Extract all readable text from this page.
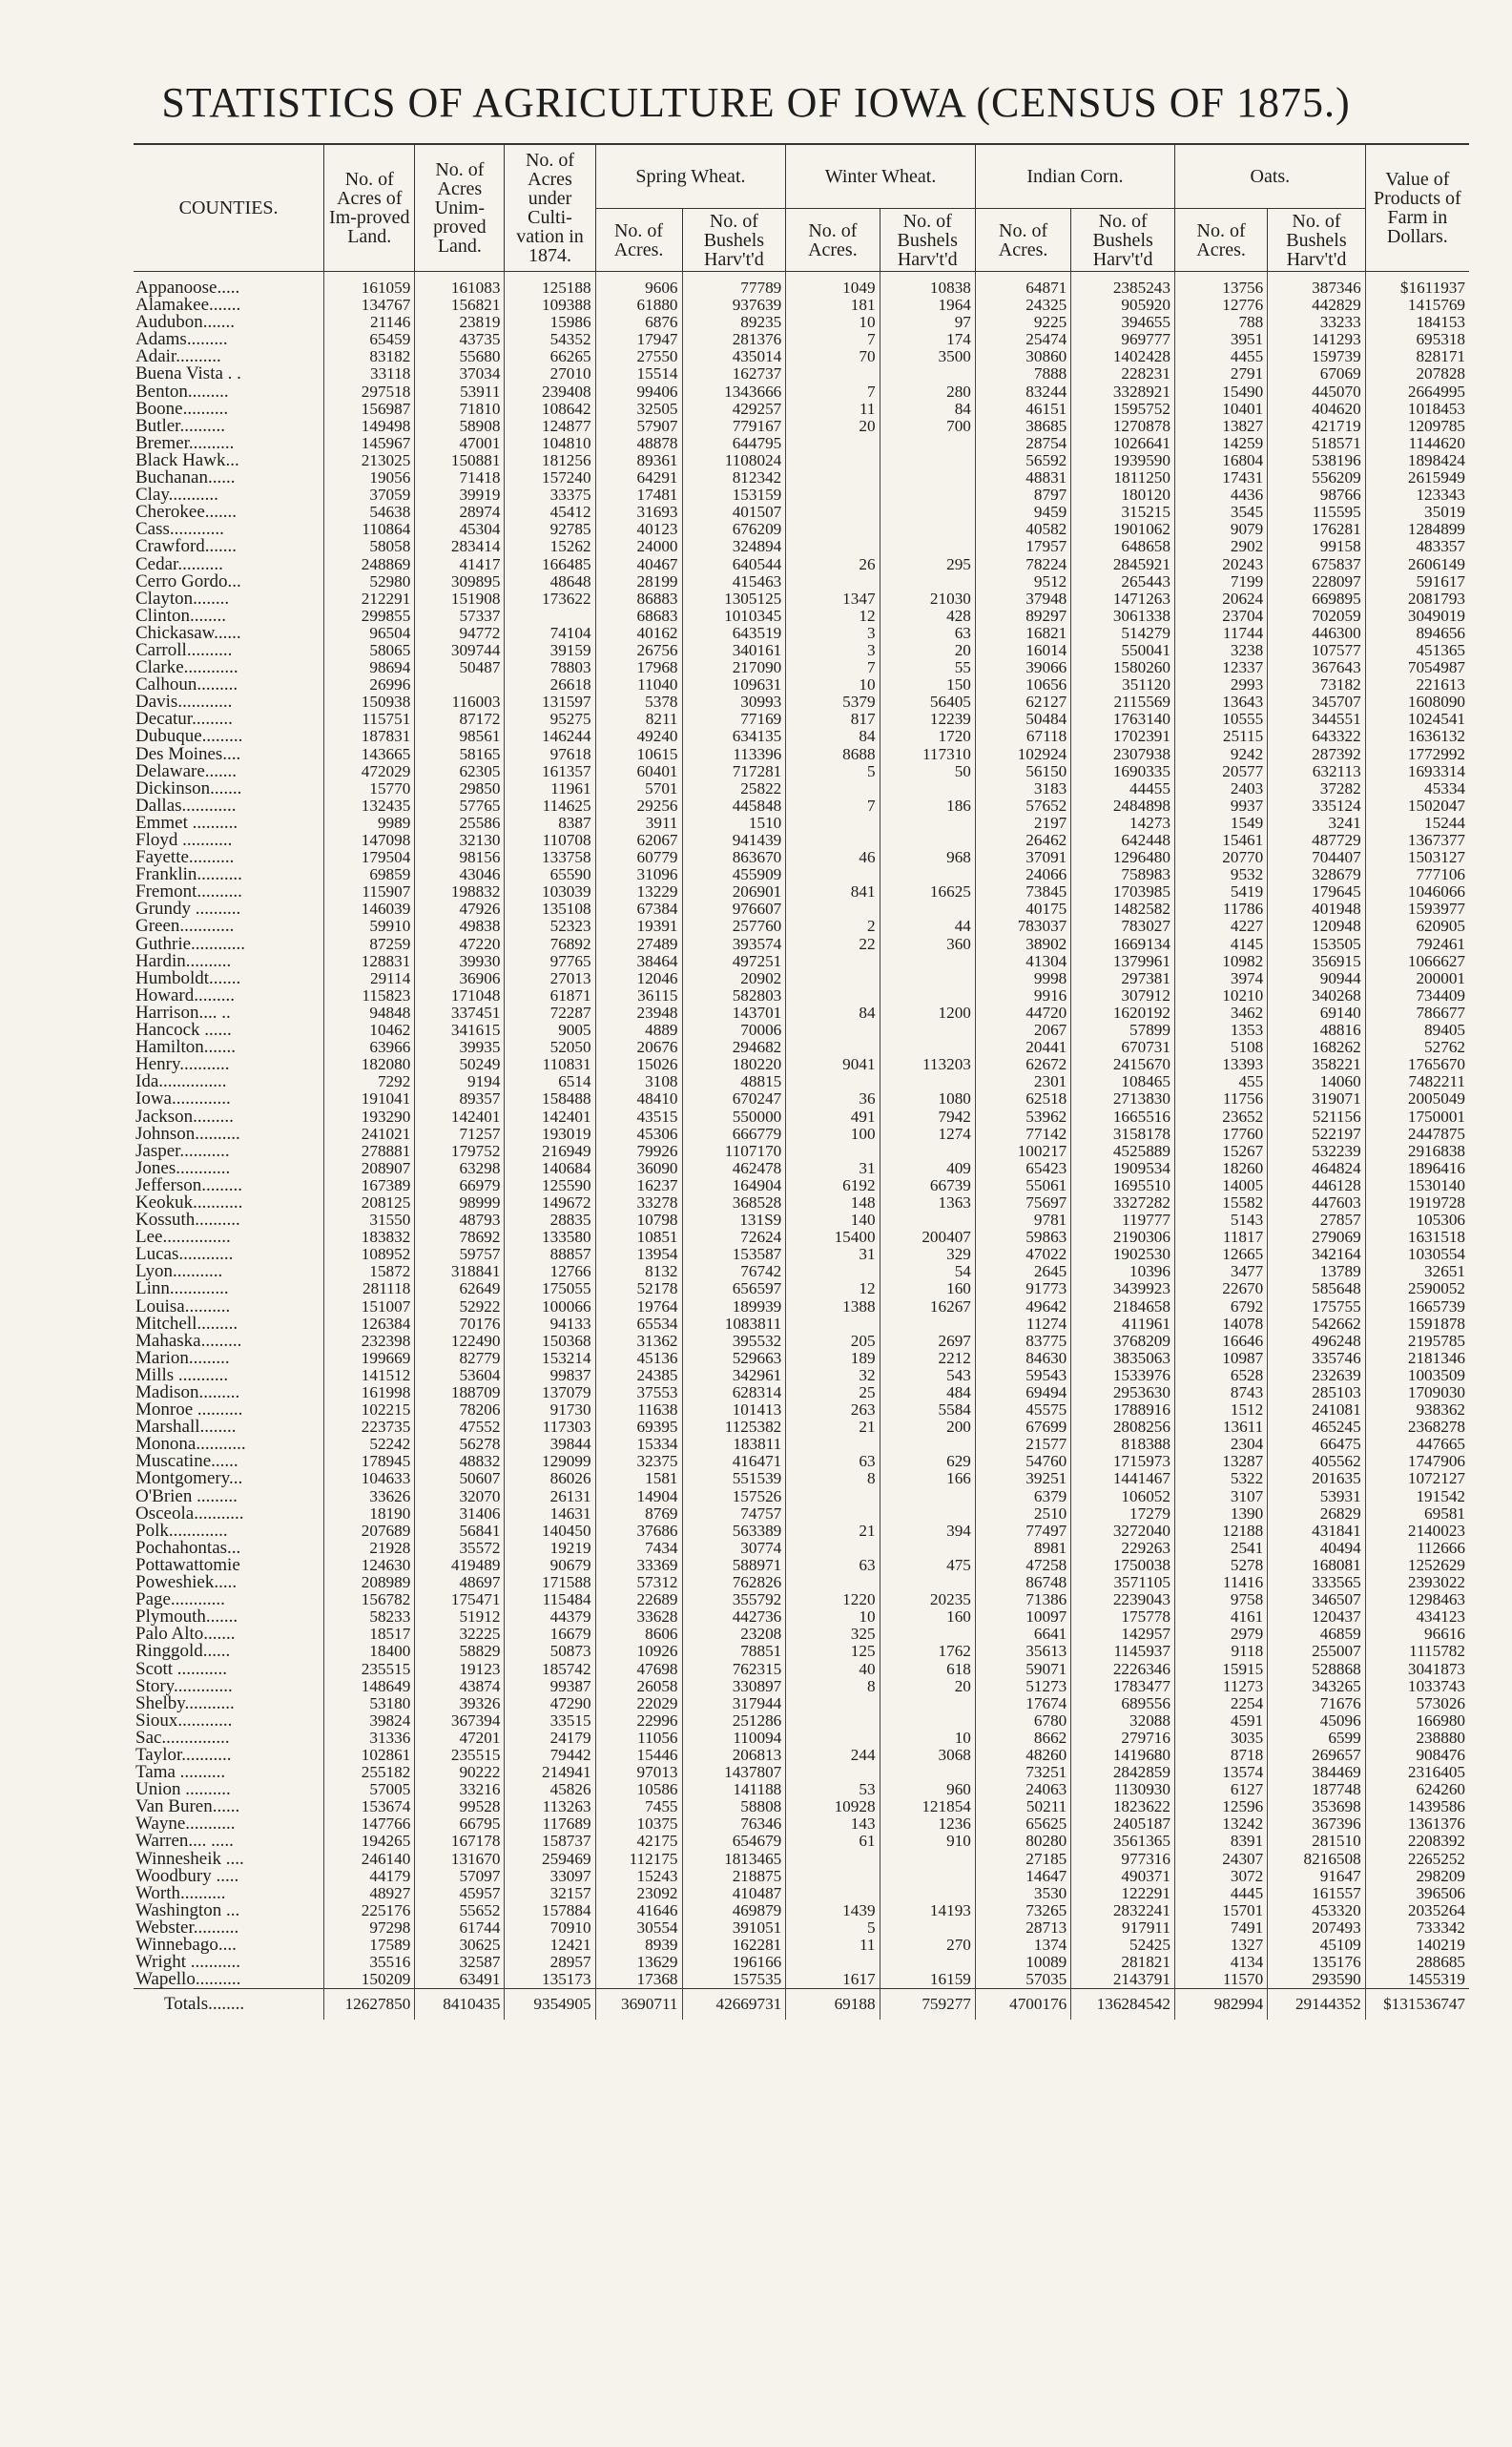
STATISTICS OF AGRICULTURE OF IOWA (CENSUS OF 1875.)
COUNTIES.	No. of Acres of Im-proved Land.	No. of Acres Unim-proved Land.	No. of Acres under Culti-vation in 1874.	Spring Wheat.		Winter Wheat.		Indian Corn.		Oats.		Value of Products of Farm in Dollars.
				No. of Acres.	No. of Bushels Harv't'd	No. of Acres.	No. of Bushels Harv't'd	No. of Acres.	No. of Bushels Harv't'd	No. of Acres.	No. of Bushels Harv't'd	
Appanoose.....	161059	161083	125188	9606	77789	1049	10838	64871	2385243	13756	387346	$1611937
Alamakee.......	134767	156821	109388	61880	937639	181	1964	24325	905920	12776	442829	1415769
Audubon.......	21146	23819	15986	6876	89235	10	97	9225	394655	788	33233	184153
Adams.........	65459	43735	54352	17947	281376	7	174	25474	969777	3951	141293	695318
Adair..........	83182	55680	66265	27550	435014	70	3500	30860	1402428	4455	159739	828171
Buena Vista . .	33118	37034	27010	15514	162737			7888	228231	2791	67069	207828
Benton.........	297518	53911	239408	99406	1343666	7	280	83244	3328921	15490	445070	2664995
Boone..........	156987	71810	108642	32505	429257	11	84	46151	1595752	10401	404620	1018453
Butler..........	149498	58908	124877	57907	779167	20	700	38685	1270878	13827	421719	1209785
Bremer..........	145967	47001	104810	48878	644795			28754	1026641	14259	518571	1144620
Black Hawk...	213025	150881	181256	89361	1108024			56592	1939590	16804	538196	1898424
Buchanan......	19056	71418	157240	64291	812342			48831	1811250	17431	556209	2615949
Clay...........	37059	39919	33375	17481	153159			8797	180120	4436	98766	123343
Cherokee.......	54638	28974	45412	31693	401507			9459	315215	3545	115595	35019
Cass............	110864	45304	92785	40123	676209			40582	1901062	9079	176281	1284899
Crawford.......	58058	283414	15262	24000	324894			17957	648658	2902	99158	483357
Cedar..........	248869	41417	166485	40467	640544	26	295	78224	2845921	20243	675837	2606149
Cerro Gordo...	52980	309895	48648	28199	415463			9512	265443	7199	228097	591617
Clayton........	212291	151908	173622	86883	1305125	1347	21030	37948	1471263	20624	669895	2081793
Clinton........	299855	57337		68683	1010345	12	428	89297	3061338	23704	702059	3049019
Chickasaw......	96504	94772	74104	40162	643519	3	63	16821	514279	11744	446300	894656
Carroll..........	58065	309744	39159	26756	340161	3	20	16014	550041	3238	107577	451365
Clarke............	98694	50487	78803	17968	217090	7	55	39066	1580260	12337	367643	7054987
Calhoun.........	26996		26618	11040	109631	10	150	10656	351120	2993	73182	221613
Davis............	150938	116003	131597	5378	30993	5379	56405	62127	2115569	13643	345707	1608090
Decatur.........	115751	87172	95275	8211	77169	817	12239	50484	1763140	10555	344551	1024541
Dubuque.........	187831	98561	146244	49240	634135	84	1720	67118	1702391	25115	643322	1636132
Des Moines....	143665	58165	97618	10615	113396	8688	117310	102924	2307938	9242	287392	1772992
Delaware.......	472029	62305	161357	60401	717281	5	50	56150	1690335	20577	632113	1693314
Dickinson.......	15770	29850	11961	5701	25822			3183	44455	2403	37282	45334
Dallas............	132435	57765	114625	29256	445848	7	186	57652	2484898	9937	335124	1502047
Emmet ..........	9989	25586	8387	3911	1510			2197	14273	1549	3241	15244
Floyd ...........	147098	32130	110708	62067	941439			26462	642448	15461	487729	1367377
Fayette..........	179504	98156	133758	60779	863670	46	968	37091	1296480	20770	704407	1503127
Franklin..........	69859	43046	65590	31096	455909			24066	758983	9532	328679	777106
Fremont..........	115907	198832	103039	13229	206901	841	16625	73845	1703985	5419	179645	1046066
Grundy ..........	146039	47926	135108	67384	976607			40175	1482582	11786	401948	1593977
Green............	59910	49838	52323	19391	257760	2	44	783037	783027	4227	120948	620905
Guthrie............	87259	47220	76892	27489	393574	22	360	38902	1669134	4145	153505	792461
Hardin..........	128831	39930	97765	38464	497251			41304	1379961	10982	356915	1066627
Humboldt.......	29114	36906	27013	12046	20902			9998	297381	3974	90944	200001
Howard.........	115823	171048	61871	36115	582803			9916	307912	10210	340268	734409
Harrison.... ..	94848	337451	72287	23948	143701	84	1200	44720	1620192	3462	69140	786677
Hancock ......	10462	341615	9005	4889	70006			2067	57899	1353	48816	89405
Hamilton.......	63966	39935	52050	20676	294682			20441	670731	5108	168262	52762
Henry...........	182080	50249	110831	15026	180220	9041	113203	62672	2415670	13393	358221	1765670
Ida...............	7292	9194	6514	3108	48815			2301	108465	455	14060	7482211
Iowa.............	191041	89357	158488	48410	670247	36	1080	62518	2713830	11756	319071	2005049
Jackson.........	193290	142401	142401	43515	550000	491	7942	53962	1665516	23652	521156	1750001
Johnson..........	241021	71257	193019	45306	666779	100	1274	77142	3158178	17760	522197	2447875
Jasper...........	278881	179752	216949	79926	1107170			100217	4525889	15267	532239	2916838
Jones............	208907	63298	140684	36090	462478	31	409	65423	1909534	18260	464824	1896416
Jefferson.........	167389	66979	125590	16237	164904	6192	66739	55061	1695510	14005	446128	1530140
Keokuk...........	208125	98999	149672	33278	368528	148	1363	75697	3327282	15582	447603	1919728
Kossuth..........	31550	48793	28835	10798	131S9	140		9781	119777	5143	27857	105306
Lee...............	183832	78692	133580	10851	72624	15400	200407	59863	2190306	11817	279069	1631518
Lucas............	108952	59757	88857	13954	153587	31	329	47022	1902530	12665	342164	1030554
Lyon...........	15872	318841	12766	8132	76742		54	2645	10396	3477	13789	32651
Linn.............	281118	62649	175055	52178	656597	12	160	91773	3439923	22670	585648	2590052
Louisa..........	151007	52922	100066	19764	189939	1388	16267	49642	2184658	6792	175755	1665739
Mitchell.........	126384	70176	94133	65534	1083811			11274	411961	14078	542662	1591878
Mahaska.........	232398	122490	150368	31362	395532	205	2697	83775	3768209	16646	496248	2195785
Marion.........	199669	82779	153214	45136	529663	189	2212	84630	3835063	10987	335746	2181346
Mills ...........	141512	53604	99837	24385	342961	32	543	59543	1533976	6528	232639	1003509
Madison.........	161998	188709	137079	37553	628314	25	484	69494	2953630	8743	285103	1709030
Monroe ..........	102215	78206	91730	11638	101413	263	5584	45575	1788916	1512	241081	938362
Marshall........	223735	47552	117303	69395	1125382	21	200	67699	2808256	13611	465245	2368278
Monona...........	52242	56278	39844	15334	183811			21577	818388	2304	66475	447665
Muscatine......	178945	48832	129099	32375	416471	63	629	54760	1715973	13287	405562	1747906
Montgomery...	104633	50607	86026	1581	551539	8	166	39251	1441467	5322	201635	1072127
O'Brien .........	33626	32070	26131	14904	157526			6379	106052	3107	53931	191542
Osceola...........	18190	31406	14631	8769	74757			2510	17279	1390	26829	69581
Polk.............	207689	56841	140450	37686	563389	21	394	77497	3272040	12188	431841	2140023
Pochahontas...	21928	35572	19219	7434	30774			8981	229263	2541	40494	112666
Pottawattomie	124630	419489	90679	33369	588971	63	475	47258	1750038	5278	168081	1252629
Poweshiek.....	208989	48697	171588	57312	762826			86748	3571105	11416	333565	2393022
Page............	156782	175471	115484	22689	355792	1220	20235	71386	2239043	9758	346507	1298463
Plymouth.......	58233	51912	44379	33628	442736	10	160	10097	175778	4161	120437	434123
Palo Alto.......	18517	32225	16679	8606	23208	325		6641	142957	2979	46859	96616
Ringgold......	18400	58829	50873	10926	78851	125	1762	35613	1145937	9118	255007	1115782
Scott ...........	235515	19123	185742	47698	762315	40	618	59071	2226346	15915	528868	3041873
Story.............	148649	43874	99387	26058	330897	8	20	51273	1783477	11273	343265	1033743
Shelby...........	53180	39326	47290	22029	317944			17674	689556	2254	71676	573026
Sioux............	39824	367394	33515	22996	251286			6780	32088	4591	45096	166980
Sac...............	31336	47201	24179	11056	110094		10	8662	279716	3035	6599	238880
Taylor...........	102861	235515	79442	15446	206813	244	3068	48260	1419680	8718	269657	908476
Tama ..........	255182	90222	214941	97013	1437807			73251	2842859	13574	384469	2316405
Union ..........	57005	33216	45826	10586	141188	53	960	24063	1130930	6127	187748	624260
Van Buren......	153674	99528	113263	7455	58808	10928	121854	50211	1823622	12596	353698	1439586
Wayne...........	147766	66795	117689	10375	76346	143	1236	65625	2405187	13242	367396	1361376
Warren.... .....	194265	167178	158737	42175	654679	61	910	80280	3561365	8391	281510	2208392
Winnesheik ....	246140	131670	259469	112175	1813465			27185	977316	24307	8216508	2265252
Woodbury .....	44179	57097	33097	15243	218875			14647	490371	3072	91647	298209
Worth..........	48927	45957	32157	23092	410487			3530	122291	4445	161557	396506
Washington ...	225176	55652	157884	41646	469879	1439	14193	73265	2832241	15701	453320	2035264
Webster..........	97298	61744	70910	30554	391051	5		28713	917911	7491	207493	733342
Winnebago....	17589	30625	12421	8939	162281	11	270	1374	52425	1327	45109	140219
Wright ...........	35516	32587	28957	13629	196166			10089	281821	4134	135176	288685
Wapello..........	150209	63491	135173	17368	157535	1617	16159	57035	2143791	11570	293590	1455319
Totals........	12627850	8410435	9354905	3690711	42669731	69188	759277	4700176	136284542	982994	29144352	$131536747
